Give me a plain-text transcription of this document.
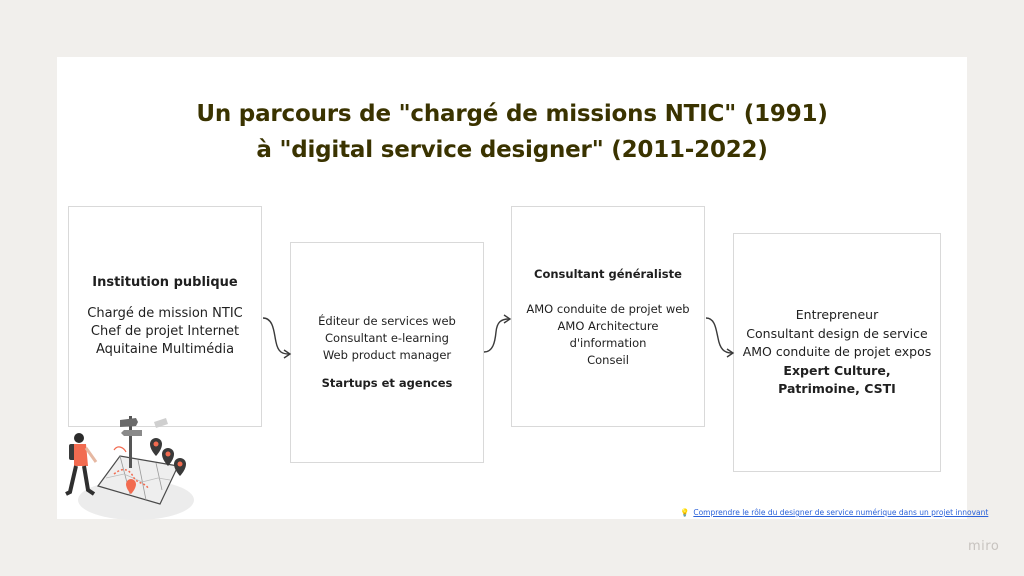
Un parcours de "chargé de missions NTIC" (1991)
à "digital service designer" (2011-2022)
Institution publique
Chargé de mission NTIC
Chef de projet Internet
Aquitaine Multimédia
Éditeur de services web
Consultant e-learning
Web product manager
Startups et agences
Consultant généraliste
AMO conduite de projet web
AMO Architecture
d'information
Conseil
Entrepreneur
Consultant design de service
AMO conduite de projet expos
Expert Culture,
Patrimoine, CSTI
💡 Comprendre le rôle du designer de service numérique dans un projet innovant
miro
